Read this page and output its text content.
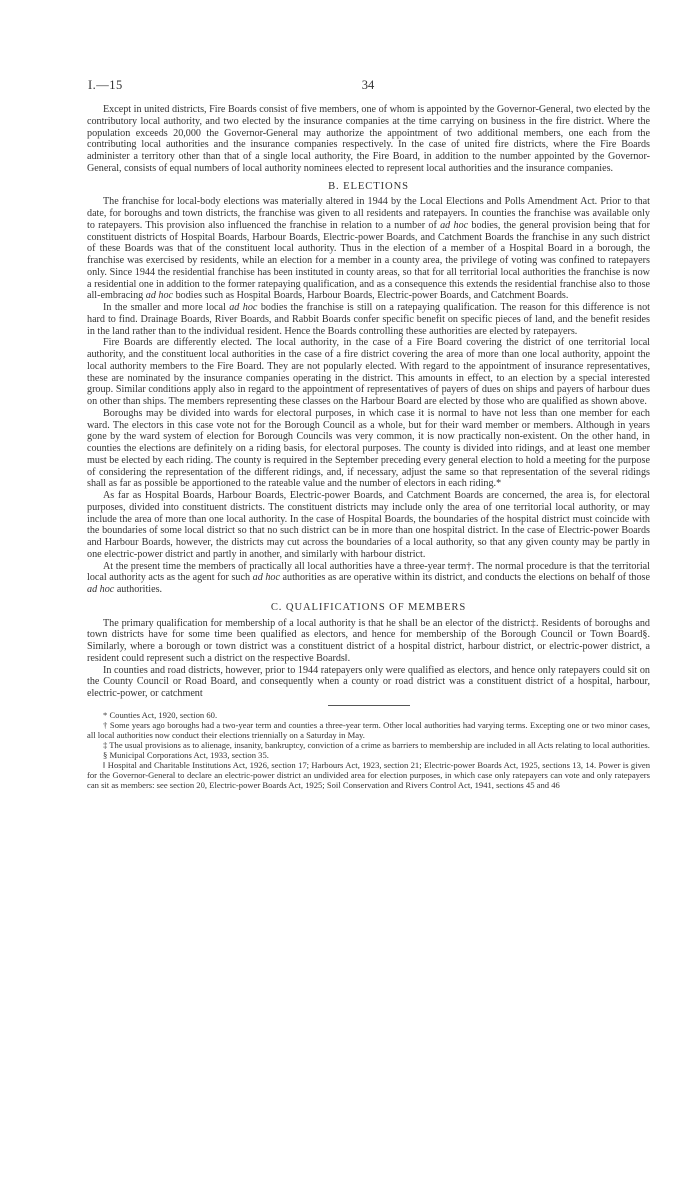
I.—15	34

Except in united districts, Fire Boards consist of five members, one of whom is appointed by the Governor-General, two elected by the contributory local authority, and two elected by the insurance companies at the time carrying on business in the fire district. Where the population exceeds 20,000 the Governor-General may authorize the appointment of two additional members, one each from the contributing local authorities and the insurance companies respectively. In the case of united fire districts, where the Fire Boards administer a territory other than that of a single local authority, the Fire Board, in addition to the number appointed by the Governor-General, consists of equal numbers of local authority nominees elected to represent local authorities and the insurance companies.

B. ELECTIONS

The franchise for local-body elections was materially altered in 1944 by the Local Elections and Polls Amendment Act. Prior to that date, for boroughs and town districts, the franchise was given to all residents and ratepayers. In counties the franchise was available only to ratepayers. This provision also influenced the franchise in relation to a number of ad hoc bodies, the general provision being that for constituent districts of Hospital Boards, Harbour Boards, Electric-power Boards, and Catchment Boards the franchise in any such district of these Boards was that of the constituent local authority. Thus in the election of a member of a Hospital Board in a borough, the franchise was exercised by residents, while an election for a member in a county area, the privilege of voting was confined to ratepayers only. Since 1944 the residential franchise has been instituted in county areas, so that for all territorial local authorities the franchise is now a residential one in addition to the former ratepaying qualification, and as a consequence this extends the residential franchise also to those all-embracing ad hoc bodies such as Hospital Boards, Harbour Boards, Electric-power Boards, and Catchment Boards.

In the smaller and more local ad hoc bodies the franchise is still on a ratepaying qualification. The reason for this difference is not hard to find. Drainage Boards, River Boards, and Rabbit Boards confer specific benefit on specific pieces of land, and the benefit resides in the land rather than to the individual resident. Hence the Boards controlling these authorities are elected by ratepayers.

Fire Boards are differently elected. The local authority, in the case of a Fire Board covering the district of one territorial local authority, and the constituent local authorities in the case of a fire district covering the area of more than one local authority, appoint the local authority members to the Fire Board. They are not popularly elected. With regard to the appointment of insurance representatives, these are nominated by the insurance companies operating in the district. This amounts in effect, to an election by a special interested group. Similar conditions apply also in regard to the appointment of representatives of payers of dues on ships and payers of harbour dues on other than ships. The members representing these classes on the Harbour Board are elected by those who are qualified as shown above.

Boroughs may be divided into wards for electoral purposes, in which case it is normal to have not less than one member for each ward. The electors in this case vote not for the Borough Council as a whole, but for their ward member or members. Although in years gone by the ward system of election for Borough Councils was very common, it is now practically non-existent. On the other hand, in counties the elections are definitely on a riding basis, for electoral purposes. The county is divided into ridings, and at least one member must be elected by each riding. The county is required in the September preceding every general election to hold a meeting for the purpose of considering the representation of the different ridings, and, if necessary, adjust the same so that representation of the several ridings shall as far as possible be apportioned to the rateable value and the number of electors in each riding.*

As far as Hospital Boards, Harbour Boards, Electric-power Boards, and Catchment Boards are concerned, the area is, for electoral purposes, divided into constituent districts. The constituent districts may include only the area of one territorial local authority, or may include the area of more than one local authority. In the case of Hospital Boards, the boundaries of the hospital district must coincide with the boundaries of some local district so that no such district can be in more than one hospital district. In the case of Electric-power Boards and Harbour Boards, however, the districts may cut across the boundaries of a local authority, so that any given county may be partly in one electric-power district and partly in another, and similarly with harbour district.

At the present time the members of practically all local authorities have a three-year term†. The normal procedure is that the territorial local authority acts as the agent for such ad hoc authorities as are operative within its district, and conducts the elections on behalf of those ad hoc authorities.

C. QUALIFICATIONS OF MEMBERS

The primary qualification for membership of a local authority is that he shall be an elector of the district‡. Residents of boroughs and town districts have for some time been qualified as electors, and hence for membership of the Borough Council or Town Board§. Similarly, where a borough or town district was a constituent district of a hospital district, harbour district, or electric-power district, a resident could represent such a district on the respective Boards‖.

In counties and road districts, however, prior to 1944 ratepayers only were qualified as electors, and hence only ratepayers could sit on the County Council or Road Board, and consequently when a county or road district was a constituent district of a hospital, harbour, electric-power, or catchment

* Counties Act, 1920, section 60.

† Some years ago boroughs had a two-year term and counties a three-year term. Other local authorities had varying terms. Excepting one or two minor cases, all local authorities now conduct their elections triennially on a Saturday in May.

‡ The usual provisions as to alienage, insanity, bankruptcy, conviction of a crime as barriers to membership are included in all Acts relating to local authorities.

§ Municipal Corporations Act, 1933, section 35.

‖ Hospital and Charitable Institutions Act, 1926, section 17; Harbours Act, 1923, section 21; Electric-power Boards Act, 1925, sections 13, 14. Power is given for the Governor-General to declare an electric-power district an undivided area for election purposes, in which case only ratepayers can vote and only ratepayers can sit as members: see section 20, Electric-power Boards Act, 1925; Soil Conservation and Rivers Control Act, 1941, sections 45 and 46
